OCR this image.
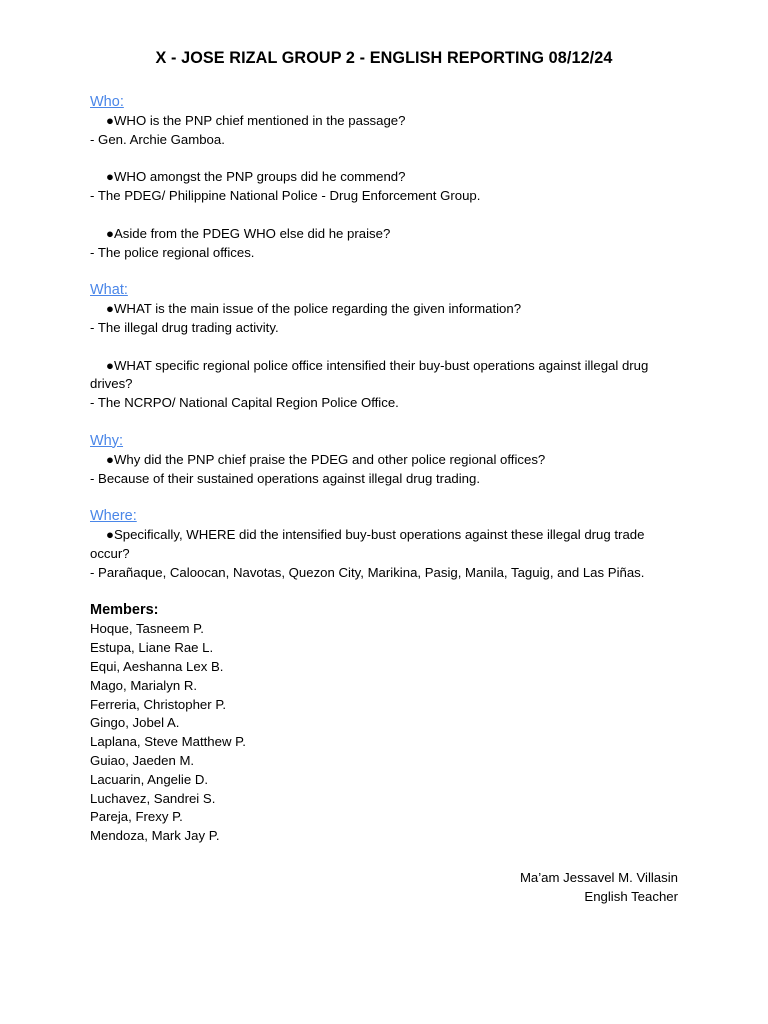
X - JOSE RIZAL GROUP 2 - ENGLISH REPORTING 08/12/24
Who:
●WHO is the PNP chief mentioned in the passage?
- Gen. Archie Gamboa.
●WHO amongst the PNP groups did he commend?
- The PDEG/ Philippine National Police - Drug Enforcement Group.
●Aside from the PDEG WHO else did he praise?
- The police regional offices.
What:
●WHAT is the main issue of the police regarding the given information?
- The illegal drug trading activity.
●WHAT specific regional police office intensified their buy-bust operations against illegal drug
drives?
- The NCRPO/ National Capital Region Police Office.
Why:
●Why did the PNP chief praise the PDEG and other police regional offices?
- Because of their sustained operations against illegal drug trading.
Where:
●Specifically, WHERE did the intensified buy-bust operations against these illegal drug trade
occur?
- Parañaque, Caloocan, Navotas, Quezon City, Marikina, Pasig, Manila, Taguig, and Las Piñas.
Members:
Hoque, Tasneem P.
Estupa, Liane Rae L.
Equi, Aeshanna Lex B.
Mago, Marialyn R.
Ferreria, Christopher P.
Gingo, Jobel A.
Laplana, Steve Matthew P.
Guiao, Jaeden M.
Lacuarin, Angelie D.
Luchavez, Sandrei S.
Pareja, Frexy P.
Mendoza, Mark Jay P.
Ma’am Jessavel M. Villasin
English Teacher
